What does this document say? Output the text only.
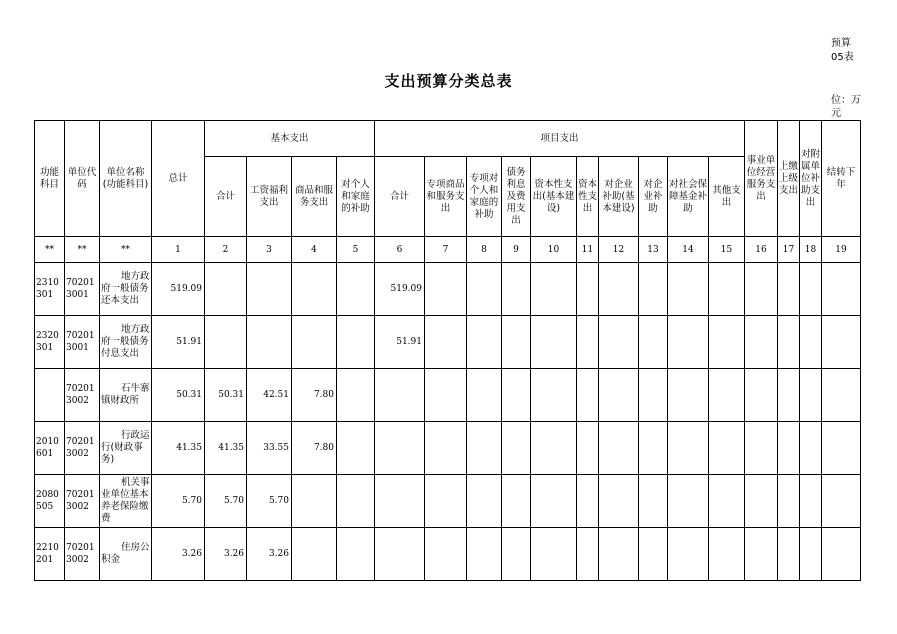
预算05表
支出预算分类总表
位：万元
功能科目	单位代码	单位名称(功能科目)	总计	基本支出				项目支出										事业单位经营服务支出	上缴上级支出	对附属单位补助支出	结转下年
				合计	工资福利支出	商品和服务支出	对个人和家庭的补助	合计	专项商品和服务支出	专项对个人和家庭的补助	债务利息及费用支出	资本性支出(基本建设)	资本性支出	对企业补助(基本建设)	对企业补助	对社会保障基金补助	其他支出				
**	**	**	1	2	3	4	5	6	7	8	9	10	11	12	13	14	15	16	17	18	19
2310301	702013001	地方政府一般债务还本支出	519.09					519.09													
2320301	702013001	地方政府一般债务付息支出	51.91					51.91													
	702013002	石牛寨镇财政所	50.31	50.31	42.51	7.80															
2010601	702013002	行政运行(财政事务)	41.35	41.35	33.55	7.80															
2080505	702013002	机关事业单位基本养老保险缴费	5.70	5.70	5.70																
2210201	702013002	住房公积金	3.26	3.26	3.26																
